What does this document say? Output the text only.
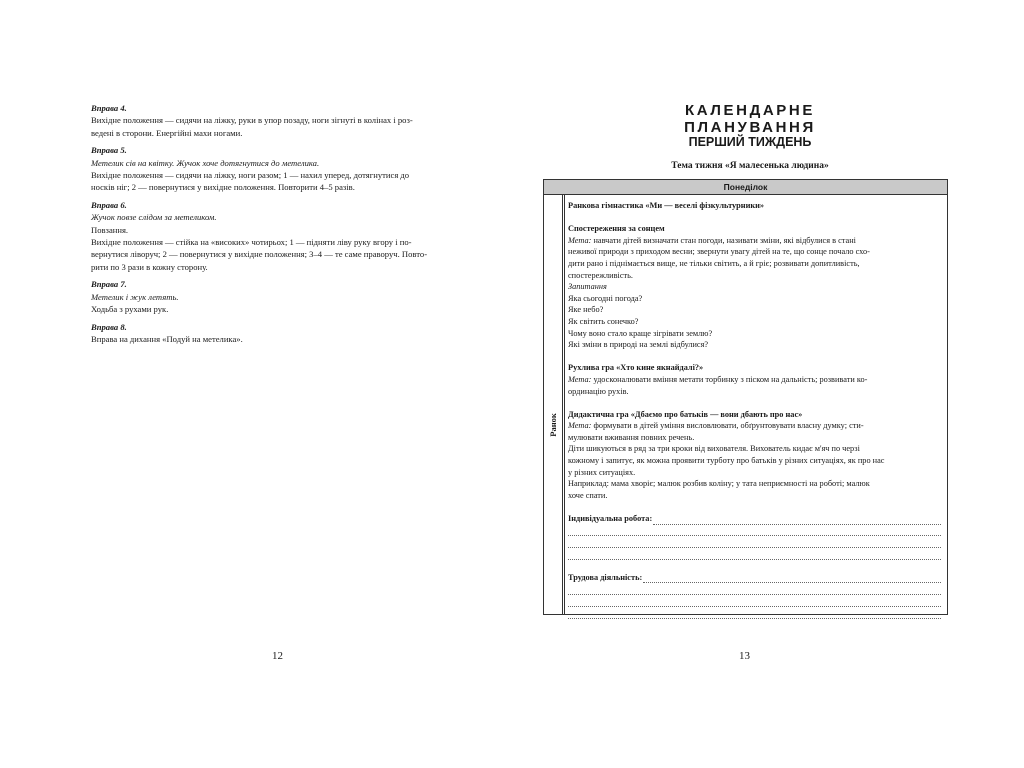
Вправа 4.
Вихідне положення — сидячи на ліжку, руки в упор позаду, ноги зігнуті в колінах і роз-
ведені в сторони. Енергійні махи ногами.
Вправа 5.
Метелик сів на квітку. Жучок хоче дотягнутися до метелика.
Вихідне положення — сидячи на ліжку, ноги разом; 1 — нахил уперед, дотягнутися до
носків ніг; 2 — повернутися у вихідне положення. Повторити 4–5 разів.
Вправа 6.
Жучок повзе слідом за метеликом.
Повзання.
Вихідне положення — стійка на «високих» чотирьох; 1 — підняти ліву руку вгору і по-
вернутися ліворуч; 2 — повернутися у вихідне положення; 3–4 — те саме праворуч. Повто-
рити по 3 рази в кожну сторону.
Вправа 7.
Метелик і жук летять.
Ходьба з рухами рук.
Вправа 8.
Вправа на дихання «Подуй на метелика».
12
КАЛЕНДАРНЕ ПЛАНУВАННЯ
ПЕРШИЙ ТИЖДЕНЬ
Тема тижня «Я малесенька людина»
Понеділок
Ранок
Ранкова гімнастика «Ми — веселі фізкультурники»
Спостереження за сонцем
Мета: навчати дітей визначати стан погоди, називати зміни, які відбулися в стані
неживої природи з приходом весни; звернути увагу дітей на те, що сонце почало схо-
дити рано і піднімається вище, не тільки світить, а й гріє; розвивати допитливість,
спостережливість.
Запитання
Яка сьогодні погода?
Яке небо?
Як світить сонечко?
Чому воно стало краще зігрівати землю?
Які зміни в природі на землі відбулися?
Рухлива гра «Хто кине якнайдалі?»
Мета: удосконалювати вміння метати торбинку з піском на дальність; розвивати ко-
ординацію рухів.
Дидактична гра «Дбаємо про батьків — вони дбають про нас»
Мета: формувати в дітей уміння висловлювати, обґрунтовувати власну думку; сти-
мулювати вживання повних речень.
Діти шикуються в ряд за три кроки від вихователя. Вихователь кидає м'яч по черзі
кожному і запитує, як можна проявити турботу про батьків у різних ситуаціях, як про нас
у різних ситуаціях.
Наприклад: мама хворіє; малюк розбив коліну; у тата неприємності на роботі; малюк
хоче спати.
Індивідуальна робота:
Трудова діяльність:
13
